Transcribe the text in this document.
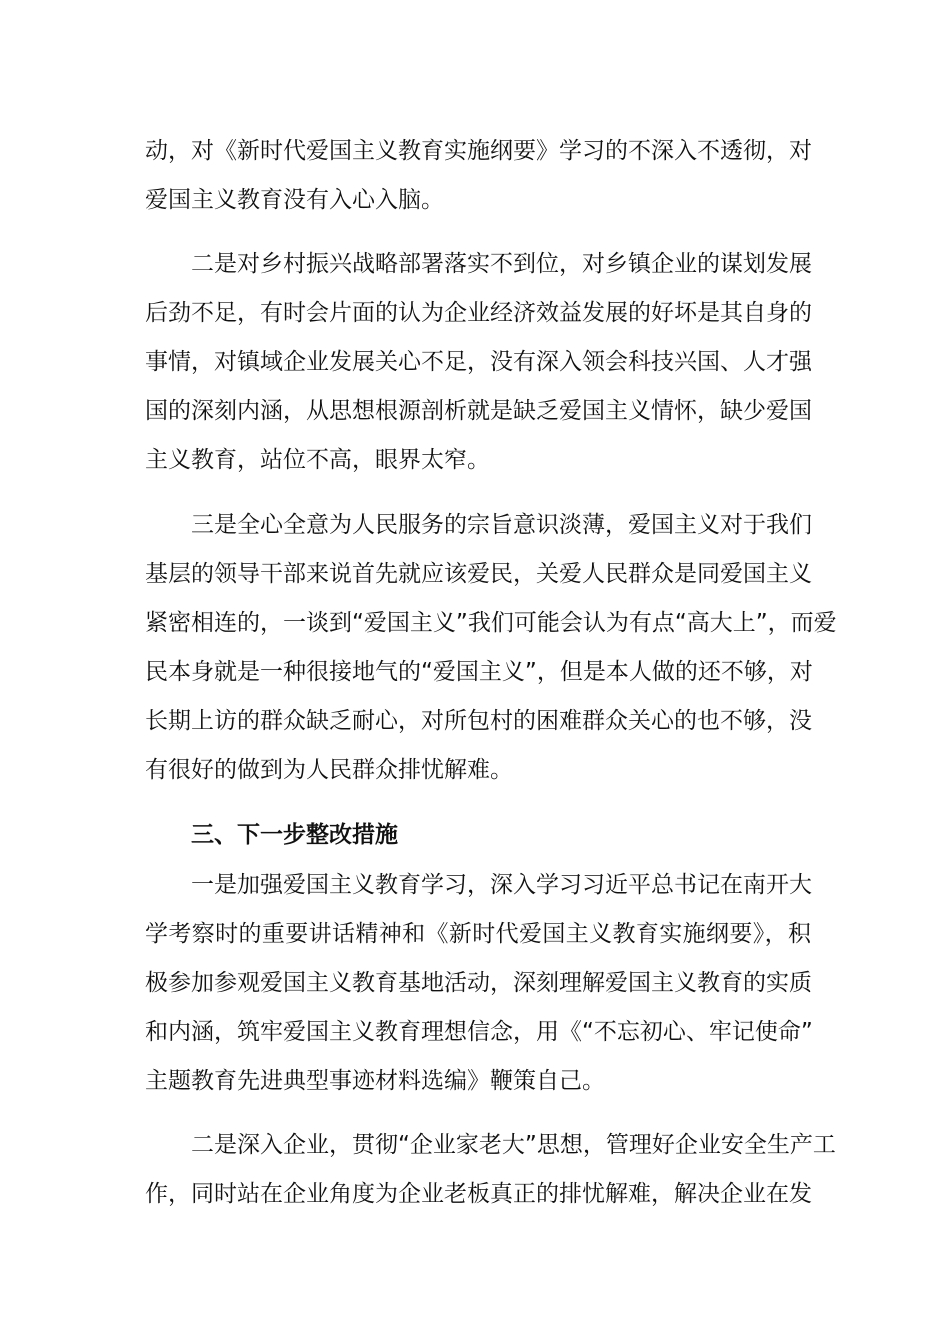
动，对《新时代爱国主义教育实施纲要》学习的不深入不透彻，对
爱国主义教育没有入心入脑。
二是对乡村振兴战略部署落实不到位，对乡镇企业的谋划发展
后劲不足，有时会片面的认为企业经济效益发展的好坏是其自身的
事情，对镇域企业发展关心不足，没有深入领会科技兴国、人才强
国的深刻内涵，从思想根源剖析就是缺乏爱国主义情怀，缺少爱国
主义教育，站位不高，眼界太窄。
三是全心全意为人民服务的宗旨意识淡薄，爱国主义对于我们
基层的领导干部来说首先就应该爱民，关爱人民群众是同爱国主义
紧密相连的，一谈到“爱国主义”我们可能会认为有点“高大上”，而爱
民本身就是一种很接地气的“爱国主义”，但是本人做的还不够，对
长期上访的群众缺乏耐心，对所包村的困难群众关心的也不够，没
有很好的做到为人民群众排忧解难。
三、下一步整改措施
一是加强爱国主义教育学习，深入学习习近平总书记在南开大
学考察时的重要讲话精神和《新时代爱国主义教育实施纲要》，积
极参加参观爱国主义教育基地活动，深刻理解爱国主义教育的实质
和内涵，筑牢爱国主义教育理想信念，用《“不忘初心、牢记使命”
主题教育先进典型事迹材料选编》鞭策自己。
二是深入企业，贯彻“企业家老大”思想，管理好企业安全生产工
作，同时站在企业角度为企业老板真正的排忧解难，解决企业在发
